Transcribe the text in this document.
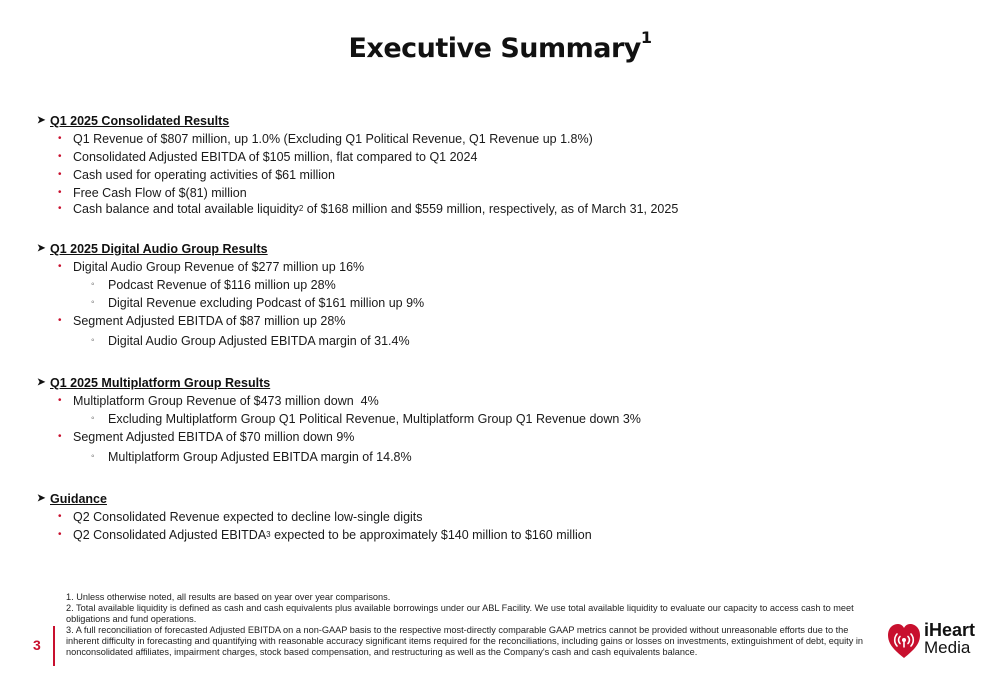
Executive Summary$^1$
➤ Q1 2025 Consolidated Results
• Q1 Revenue of $807 million, up 1.0% (Excluding Q1 Political Revenue, Q1 Revenue up 1.8%)
• Consolidated Adjusted EBITDA of $105 million, flat compared to Q1 2024
• Cash used for operating activities of $61 million
• Free Cash Flow of $(81) million
• Cash balance and total available liquidity$^2$ of $168 million and $559 million, respectively, as of March 31, 2025
➤ Q1 2025 Digital Audio Group Results
• Digital Audio Group Revenue of $277 million up 16%
◦ Podcast Revenue of $116 million up 28%
◦ Digital Revenue excluding Podcast of $161 million up 9%
• Segment Adjusted EBITDA of $87 million up 28%
◦ Digital Audio Group Adjusted EBITDA margin of 31.4%
➤ Q1 2025 Multiplatform Group Results
• Multiplatform Group Revenue of $473 million down  4%
◦ Excluding Multiplatform Group Q1 Political Revenue, Multiplatform Group Q1 Revenue down 3%
• Segment Adjusted EBITDA of $70 million down 9%
◦ Multiplatform Group Adjusted EBITDA margin of 14.8%
➤ Guidance
• Q2 Consolidated Revenue expected to decline low-single digits
• Q2 Consolidated Adjusted EBITDA$^3$ expected to be approximately $140 million to $160 million
1. Unless otherwise noted, all results are based on year over year comparisons.
2. Total available liquidity is defined as cash and cash equivalents plus available borrowings under our ABL Facility. We use total available liquidity to evaluate our capacity to access cash to meet obligations and fund operations.
3. A full reconciliation of forecasted Adjusted EBITDA on a non-GAAP basis to the respective most-directly comparable GAAP metrics cannot be provided without unreasonable efforts due to the inherent difficulty in forecasting and quantifying with reasonable accuracy significant items required for the reconciliations, including gains or losses on investments, extinguishment of debt, equity in nonconsolidated affiliates, impairment charges, stock based compensation, and restructuring as well as the Company's cash and cash equivalents balance.
3
iHeart
Media
